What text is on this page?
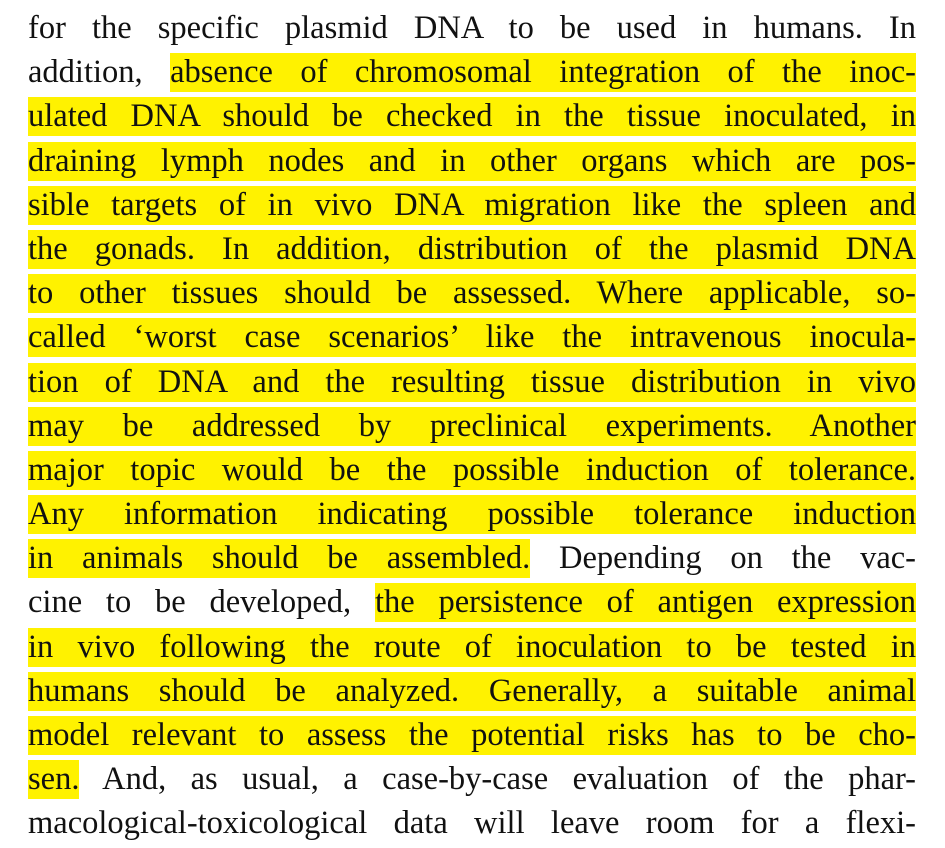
for the specific plasmid DNA to be used in humans. In
addition, absence of chromosomal integration of the inoc-
ulated DNA should be checked in the tissue inoculated, in
draining lymph nodes and in other organs which are pos-
sible targets of in vivo DNA migration like the spleen and
the gonads. In addition, distribution of the plasmid DNA
to other tissues should be assessed. Where applicable, so-
called ‘worst case scenarios’ like the intravenous inocula-
tion of DNA and the resulting tissue distribution in vivo
may be addressed by preclinical experiments. Another
major topic would be the possible induction of tolerance.
Any information indicating possible tolerance induction
in animals should be assembled. Depending on the vac-
cine to be developed, the persistence of antigen expression
in vivo following the route of inoculation to be tested in
humans should be analyzed. Generally, a suitable animal
model relevant to assess the potential risks has to be cho-
sen. And, as usual, a case-by-case evaluation of the phar-
macological-toxicological data will leave room for a flexi-
